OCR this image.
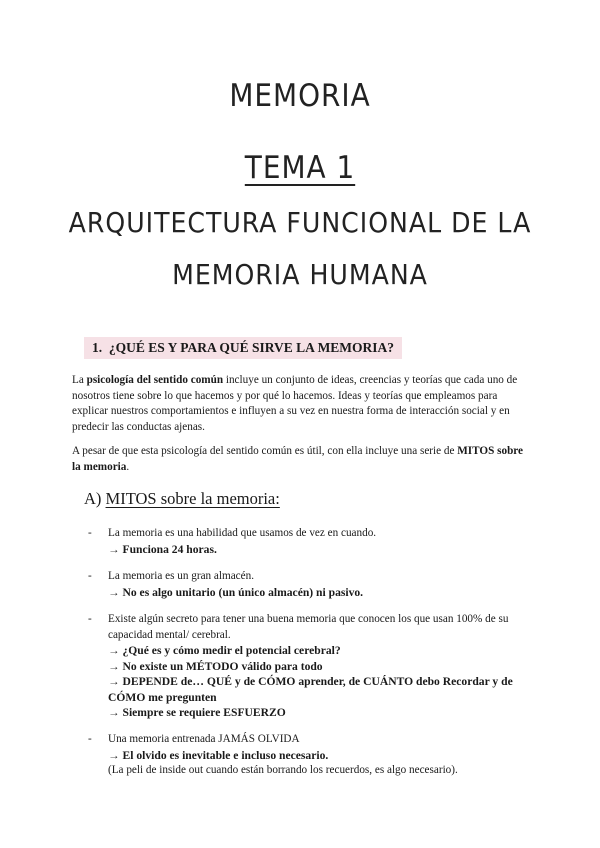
MEMORIA
TEMA 1
ARQUITECTURA FUNCIONAL DE LA MEMORIA HUMANA
1. ¿QUÉ ES Y PARA QUÉ SIRVE LA MEMORIA?
La psicología del sentido común incluye un conjunto de ideas, creencias y teorías que cada uno de nosotros tiene sobre lo que hacemos y por qué lo hacemos. Ideas y teorías que empleamos para explicar nuestros comportamientos e influyen a su vez en nuestra forma de interacción social y en predecir las conductas ajenas.
A pesar de que esta psicología del sentido común es útil, con ella incluye una serie de MITOS sobre la memoria.
A) MITOS sobre la memoria:
- La memoria es una habilidad que usamos de vez en cuando.
→ Funciona 24 horas.
- La memoria es un gran almacén.
→ No es algo unitario (un único almacén) ni pasivo.
- Existe algún secreto para tener una buena memoria que conocen los que usan 100% de su capacidad mental/ cerebral.
→ ¿Qué es y cómo medir el potencial cerebral?
→ No existe un MÉTODO válido para todo
→ DEPENDE de… QUÉ y de CÓMO aprender, de CUÁNTO debo Recordar y de CÓMO me pregunten
→ Siempre se requiere ESFUERZO
- Una memoria entrenada JAMÁS OLVIDA
→ El olvido es inevitable e incluso necesario.
(La peli de inside out cuando están borrando los recuerdos, es algo necesario).
